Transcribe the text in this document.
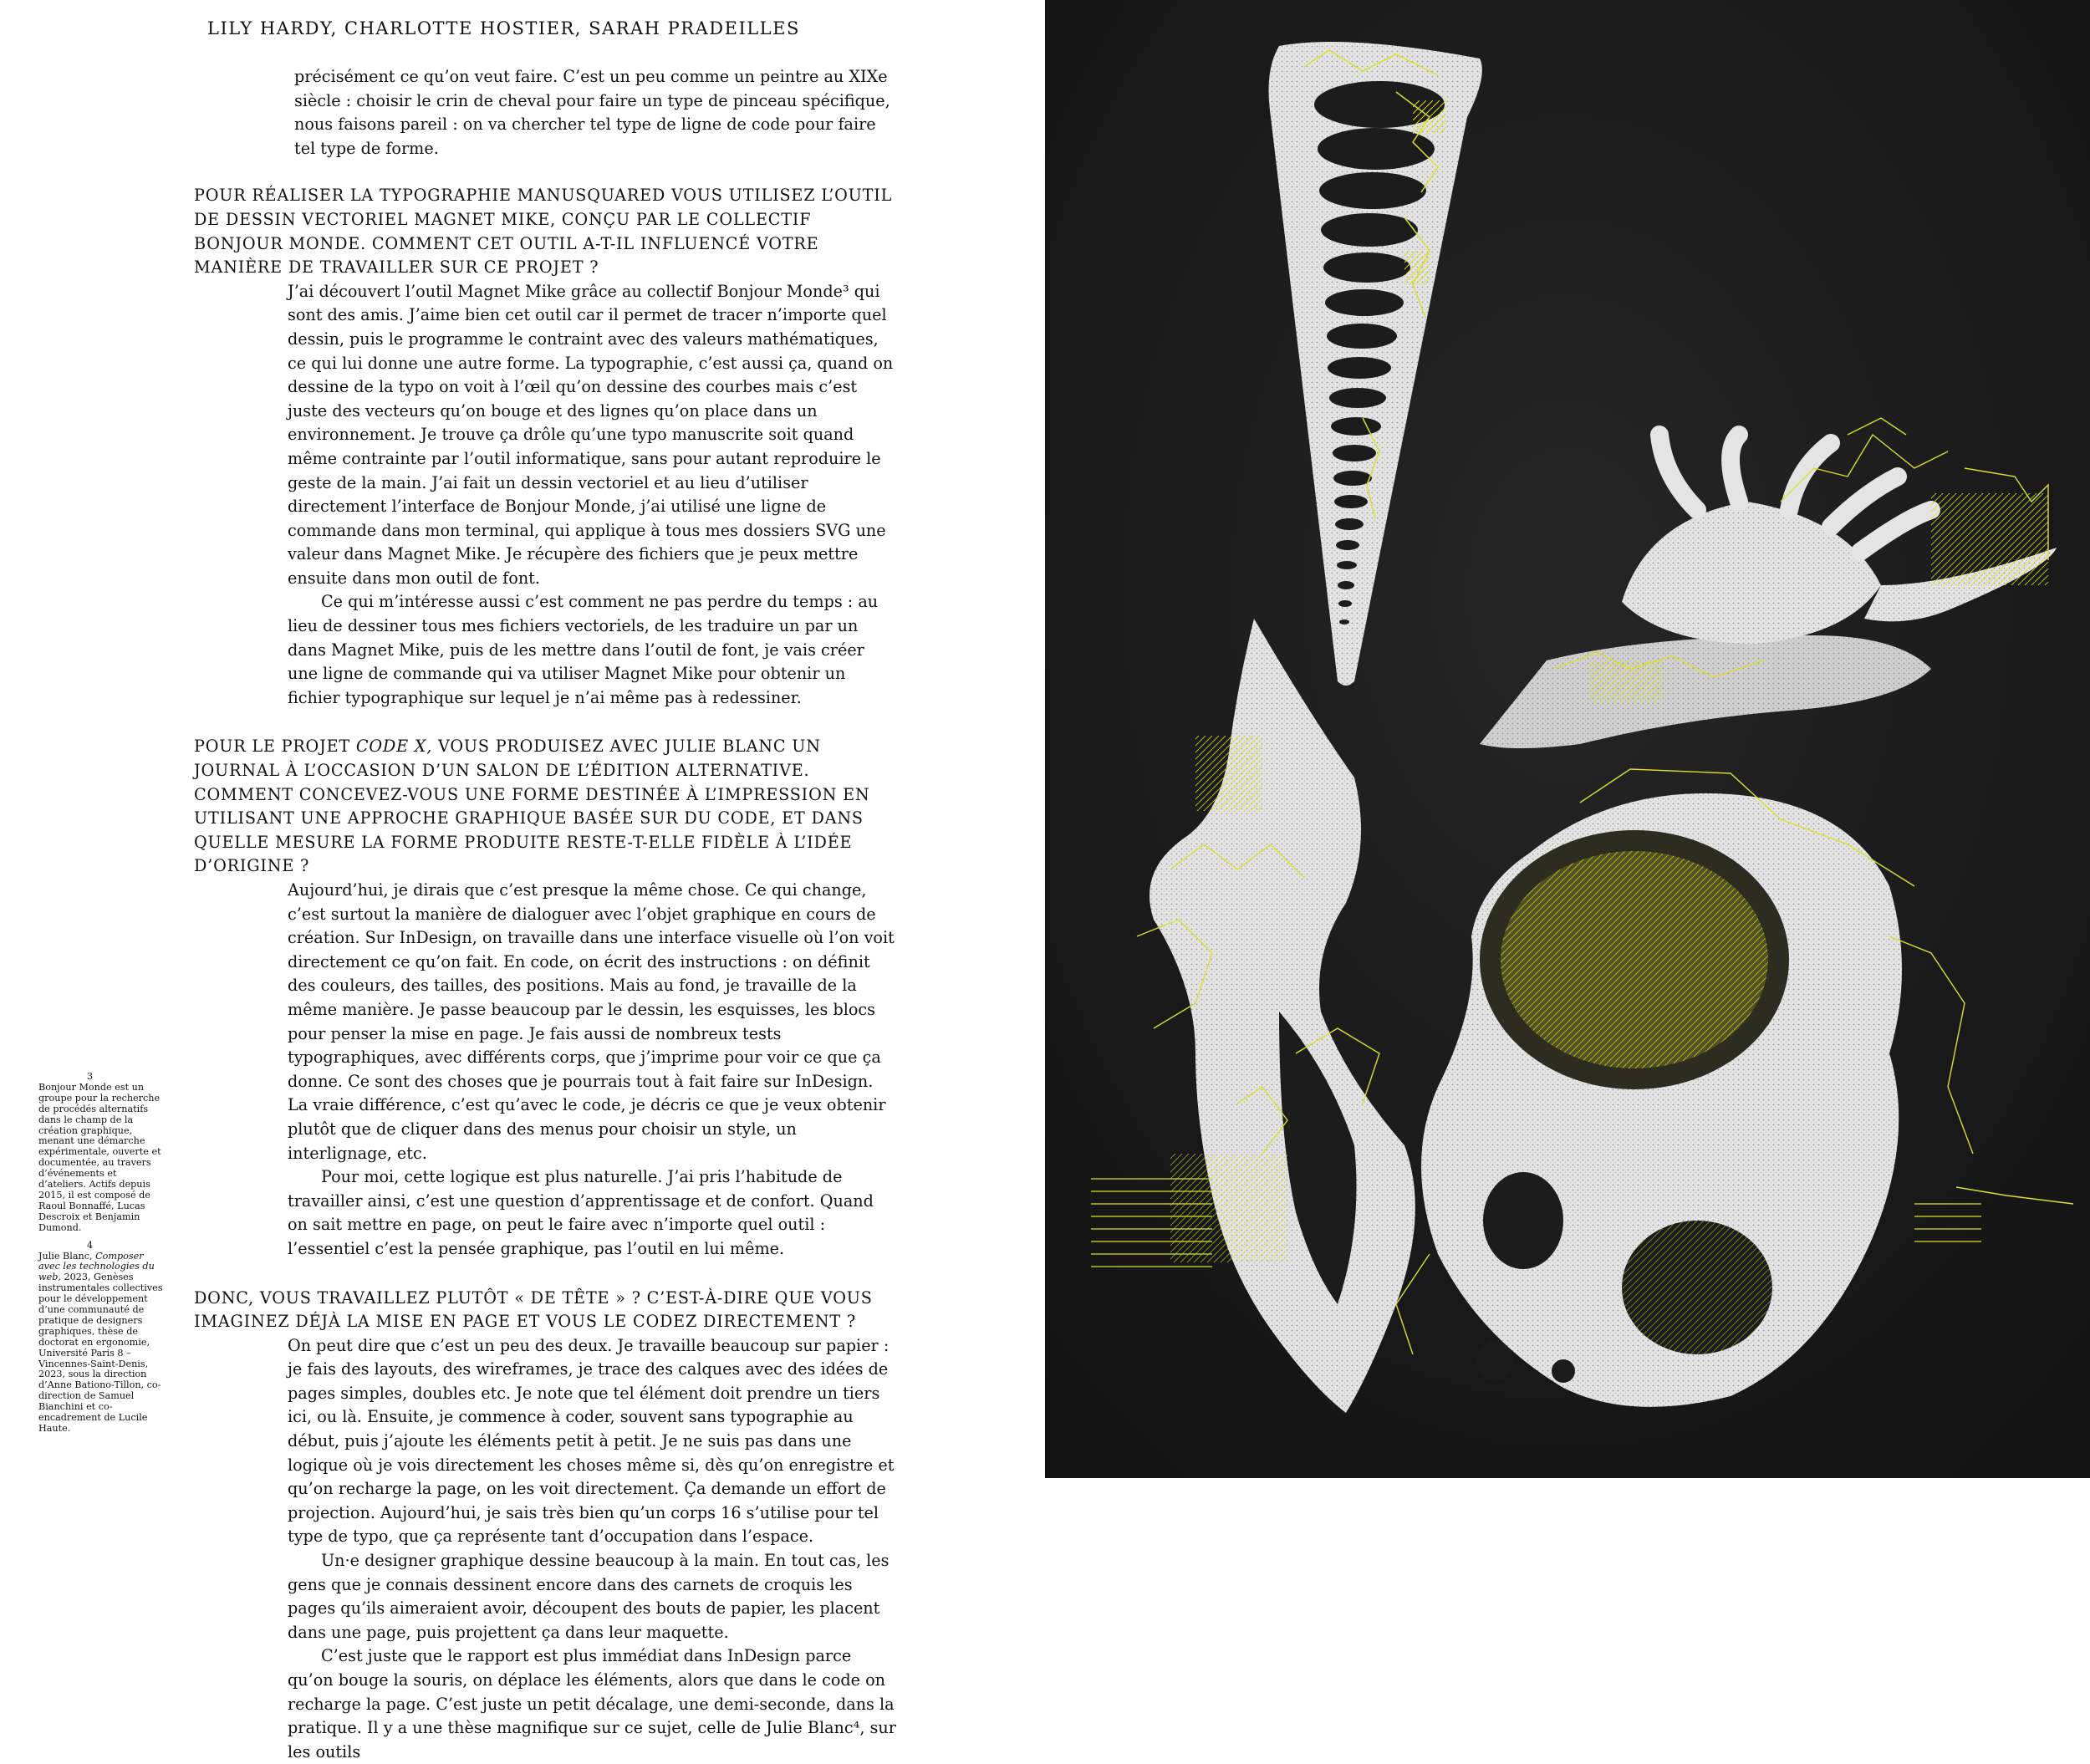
LILY HARDY, CHARLOTTE HOSTIER, SARAH PRADEILLES

précisément ce qu’on veut faire. C’est un peu comme un peintre au XIXe siècle : choisir le crin de cheval pour faire un type de pinceau spécifique, nous faisons pareil : on va chercher tel type de ligne de code pour faire tel type de forme.

POUR RÉALISER LA TYPOGRAPHIE MANUSQUARED VOUS UTILISEZ L’OUTIL DE DESSIN VECTORIEL MAGNET MIKE, CONÇU PAR LE COLLECTIF BONJOUR MONDE. COMMENT CET OUTIL A-T-IL INFLUENCÉ VOTRE MANIÈRE DE TRAVAILLER SUR CE PROJET ?

J’ai découvert l’outil Magnet Mike grâce au collectif Bonjour Monde³ qui sont des amis. J’aime bien cet outil car il permet de tracer n’importe quel dessin, puis le programme le contraint avec des valeurs mathématiques, ce qui lui donne une autre forme. La typographie, c’est aussi ça, quand on dessine de la typo on voit à l’œil qu’on dessine des courbes mais c’est juste des vecteurs qu’on bouge et des lignes qu’on place dans un environnement. Je trouve ça drôle qu’une typo manuscrite soit quand même contrainte par l’outil informatique, sans pour autant reproduire le geste de la main. J’ai fait un dessin vectoriel et au lieu d’utiliser directement l’interface de Bonjour Monde, j’ai utilisé une ligne de commande dans mon terminal, qui applique à tous mes dossiers SVG une valeur dans Magnet Mike. Je récupère des fichiers que je peux mettre ensuite dans mon outil de font.

Ce qui m’intéresse aussi c’est comment ne pas perdre du temps : au lieu de dessiner tous mes fichiers vectoriels, de les traduire un par un dans Magnet Mike, puis de les mettre dans l’outil de font, je vais créer une ligne de commande qui va utiliser Magnet Mike pour obtenir un fichier typographique sur lequel je n’ai même pas à redessiner.

POUR LE PROJET CODE X, VOUS PRODUISEZ AVEC JULIE BLANC UN JOURNAL À L’OCCASION D’UN SALON DE L’ÉDITION ALTERNATIVE. COMMENT CONCEVEZ-VOUS UNE FORME DESTINÉE À L’IMPRESSION EN UTILISANT UNE APPROCHE GRAPHIQUE BASÉE SUR DU CODE, ET DANS QUELLE MESURE LA FORME PRODUITE RESTE-T-ELLE FIDÈLE À L’IDÉE D’ORIGINE ?

Aujourd’hui, je dirais que c’est presque la même chose. Ce qui change, c’est surtout la manière de dialoguer avec l’objet graphique en cours de création. Sur InDesign, on travaille dans une interface visuelle où l’on voit directement ce qu’on fait. En code, on écrit des instructions : on définit des couleurs, des tailles, des positions. Mais au fond, je travaille de la même manière. Je passe beaucoup par le dessin, les esquisses, les blocs pour penser la mise en page. Je fais aussi de nombreux tests typographiques, avec différents corps, que j’imprime pour voir ce que ça donne. Ce sont des choses que je pourrais tout à fait faire sur InDesign. La vraie différence, c’est qu’avec le code, je décris ce que je veux obtenir plutôt que de cliquer dans des menus pour choisir un style, un interlignage, etc.

Pour moi, cette logique est plus naturelle. J’ai pris l’habitude de travailler ainsi, c’est une question d’apprentissage et de confort. Quand on sait mettre en page, on peut le faire avec n’importe quel outil : l’essentiel c’est la pensée graphique, pas l’outil en lui même.

DONC, VOUS TRAVAILLEZ PLUTÔT « DE TÊTE » ? C’EST-À-DIRE QUE VOUS IMAGINEZ DÉJÀ LA MISE EN PAGE ET VOUS LE CODEZ DIRECTEMENT ?

On peut dire que c’est un peu des deux. Je travaille beaucoup sur papier : je fais des layouts, des wireframes, je trace des calques avec des idées de pages simples, doubles etc. Je note que tel élément doit prendre un tiers ici, ou là. Ensuite, je commence à coder, souvent sans typographie au début, puis j’ajoute les éléments petit à petit. Je ne suis pas dans une logique où je vois directement les choses même si, dès qu’on enregistre et qu’on recharge la page, on les voit directement. Ça demande un effort de projection. Aujourd’hui, je sais très bien qu’un corps 16 s’utilise pour tel type de typo, que ça représente tant d’occupation dans l’espace.

Un·e designer graphique dessine beaucoup à la main. En tout cas, les gens que je connais dessinent encore dans des carnets de croquis les pages qu’ils aimeraient avoir, découpent des bouts de papier, les placent dans une page, puis projettent ça dans leur maquette.

C’est juste que le rapport est plus immédiat dans InDesign parce qu’on bouge la souris, on déplace les éléments, alors que dans le code on recharge la page. C’est juste un petit décalage, une demi-seconde, dans la pratique. Il y a une thèse magnifique sur ce sujet, celle de Julie Blanc⁴, sur les outils

3

Bonjour Monde est un groupe pour la recherche de procédés alternatifs dans le champ de la création graphique, menant une démarche expérimentale, ouverte et documentée, au travers d’événements et d’ateliers. Actifs depuis 2015, il est composé de Raoul Bonnaffé, Lucas Descroix et Benjamin Dumond.

4

Julie Blanc, Composer avec les technologies du web, 2023, Genèses instrumentales collectives pour le développement d’une communauté de pratique de designers graphiques, thèse de doctorat en ergonomie, Université Paris 8 – Vincennes-Saint-Denis, 2023, sous la direction d’Anne Bationo-Tillon, co-direction de Samuel Bianchini et co-encadrement de Lucile Haute.
